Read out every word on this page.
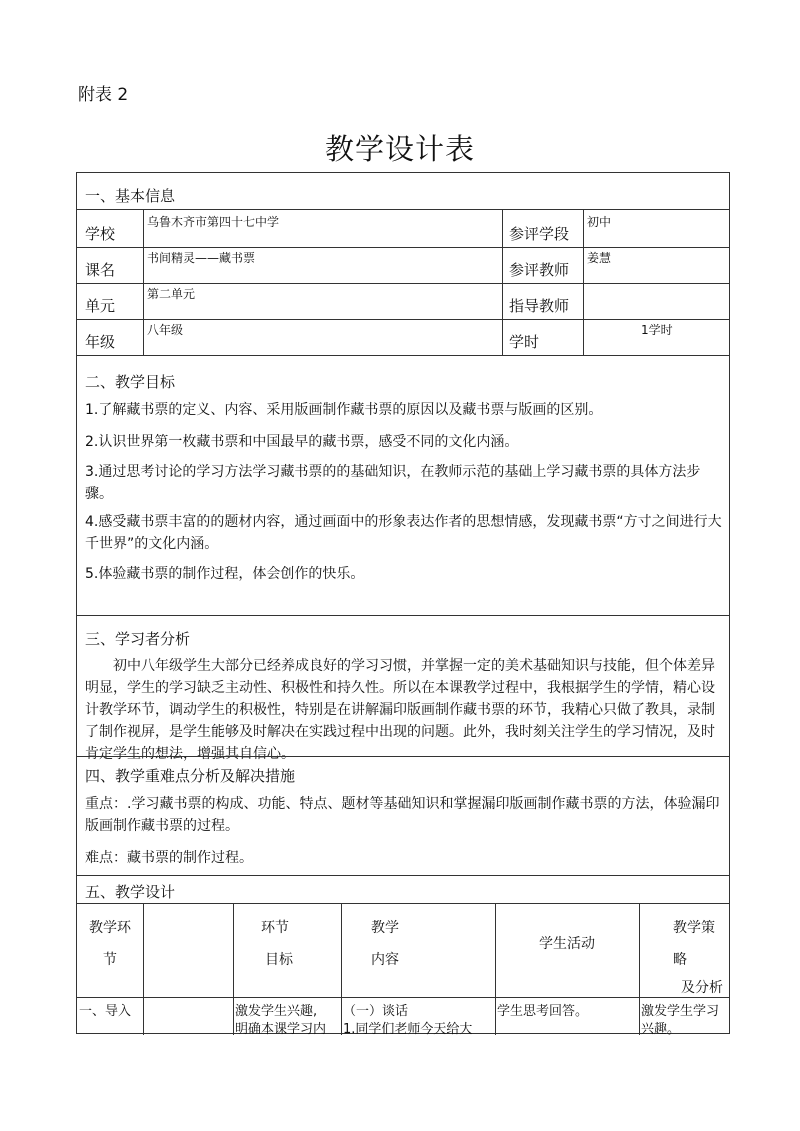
附表 2
教学设计表
一、基本信息
学校
乌鲁木齐市第四十七中学
参评学段
初中
课名
书间精灵——藏书票
参评教师
姜慧
单元
第二单元
指导教师
年级
八年级
学时
1学时
二、教学目标
1.了解藏书票的定义、内容、采用版画制作藏书票的原因以及藏书票与版画的区别。
2.认识世界第一枚藏书票和中国最早的藏书票，感受不同的文化内涵。
3.通过思考讨论的学习方法学习藏书票的的基础知识，在教师示范的基础上学习藏书票的具体方法步骤。
4.感受藏书票丰富的的题材内容，通过画面中的形象表达作者的思想情感，发现藏书票“方寸之间进行大千世界”的文化内涵。
5.体验藏书票的制作过程，体会创作的快乐。
三、学习者分析
初中八年级学生大部分已经养成良好的学习习惯，并掌握一定的美术基础知识与技能，但个体差异明显，学生的学习缺乏主动性、积极性和持久性。所以在本课教学过程中，我根据学生的学情，精心设计教学环节，调动学生的积极性，特别是在讲解漏印版画制作藏书票的环节，我精心只做了教具，录制了制作视屏，是学生能够及时解决在实践过程中出现的问题。此外，我时刻关注学生的学习情况，及时肯定学生的想法，增强其自信心。
四、教学重难点分析及解决措施
重点：.学习藏书票的构成、功能、特点、题材等基础知识和掌握漏印版画制作藏书票的方法，体验漏印版画制作藏书票的过程。
难点：藏书票的制作过程。
五、教学设计
教学环
节
环节
目标
教学
内容
学生活动
教学策
略
及分析
一、导入	激发学生兴趣,
明确本课学习内
（一）谈话
1.同学们老师今天给大
学生思考回答。	激发学生学习
兴趣。
